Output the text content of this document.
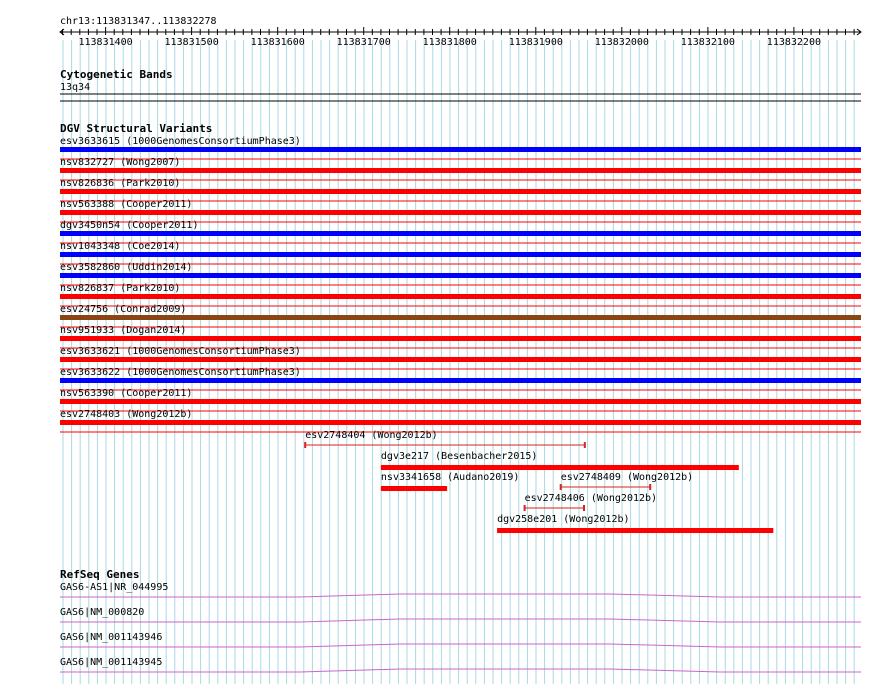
chr13:113831347..113832278
113831400	113831500	113831600	113831700	113831800	113831900	113832000	113832100	113832200
Cytogenetic Bands
13q34
DGV Structural Variants
esv3633615 (1000GenomesConsortiumPhase3)
nsv832727 (Wong2007)
nsv826836 (Park2010)
nsv563388 (Cooper2011)
dgv3450n54 (Cooper2011)
nsv1043348 (Coe2014)
esv3582860 (Uddin2014)
nsv826837 (Park2010)
esv24756 (Conrad2009)
nsv951933 (Dogan2014)
esv3633621 (1000GenomesConsortiumPhase3)
esv3633622 (1000GenomesConsortiumPhase3)
nsv563390 (Cooper2011)
esv2748403 (Wong2012b)
esv2748404 (Wong2012b)
dgv3e217 (Besenbacher2015)
nsv3341658 (Audano2019)
esv2748406 (Wong2012b)
dgv258e201 (Wong2012b)
esv2748409 (Wong2012b)
RefSeq Genes
GAS6-AS1|NR_044995
GAS6|NM_000820
GAS6|NM_001143946
GAS6|NM_001143945
